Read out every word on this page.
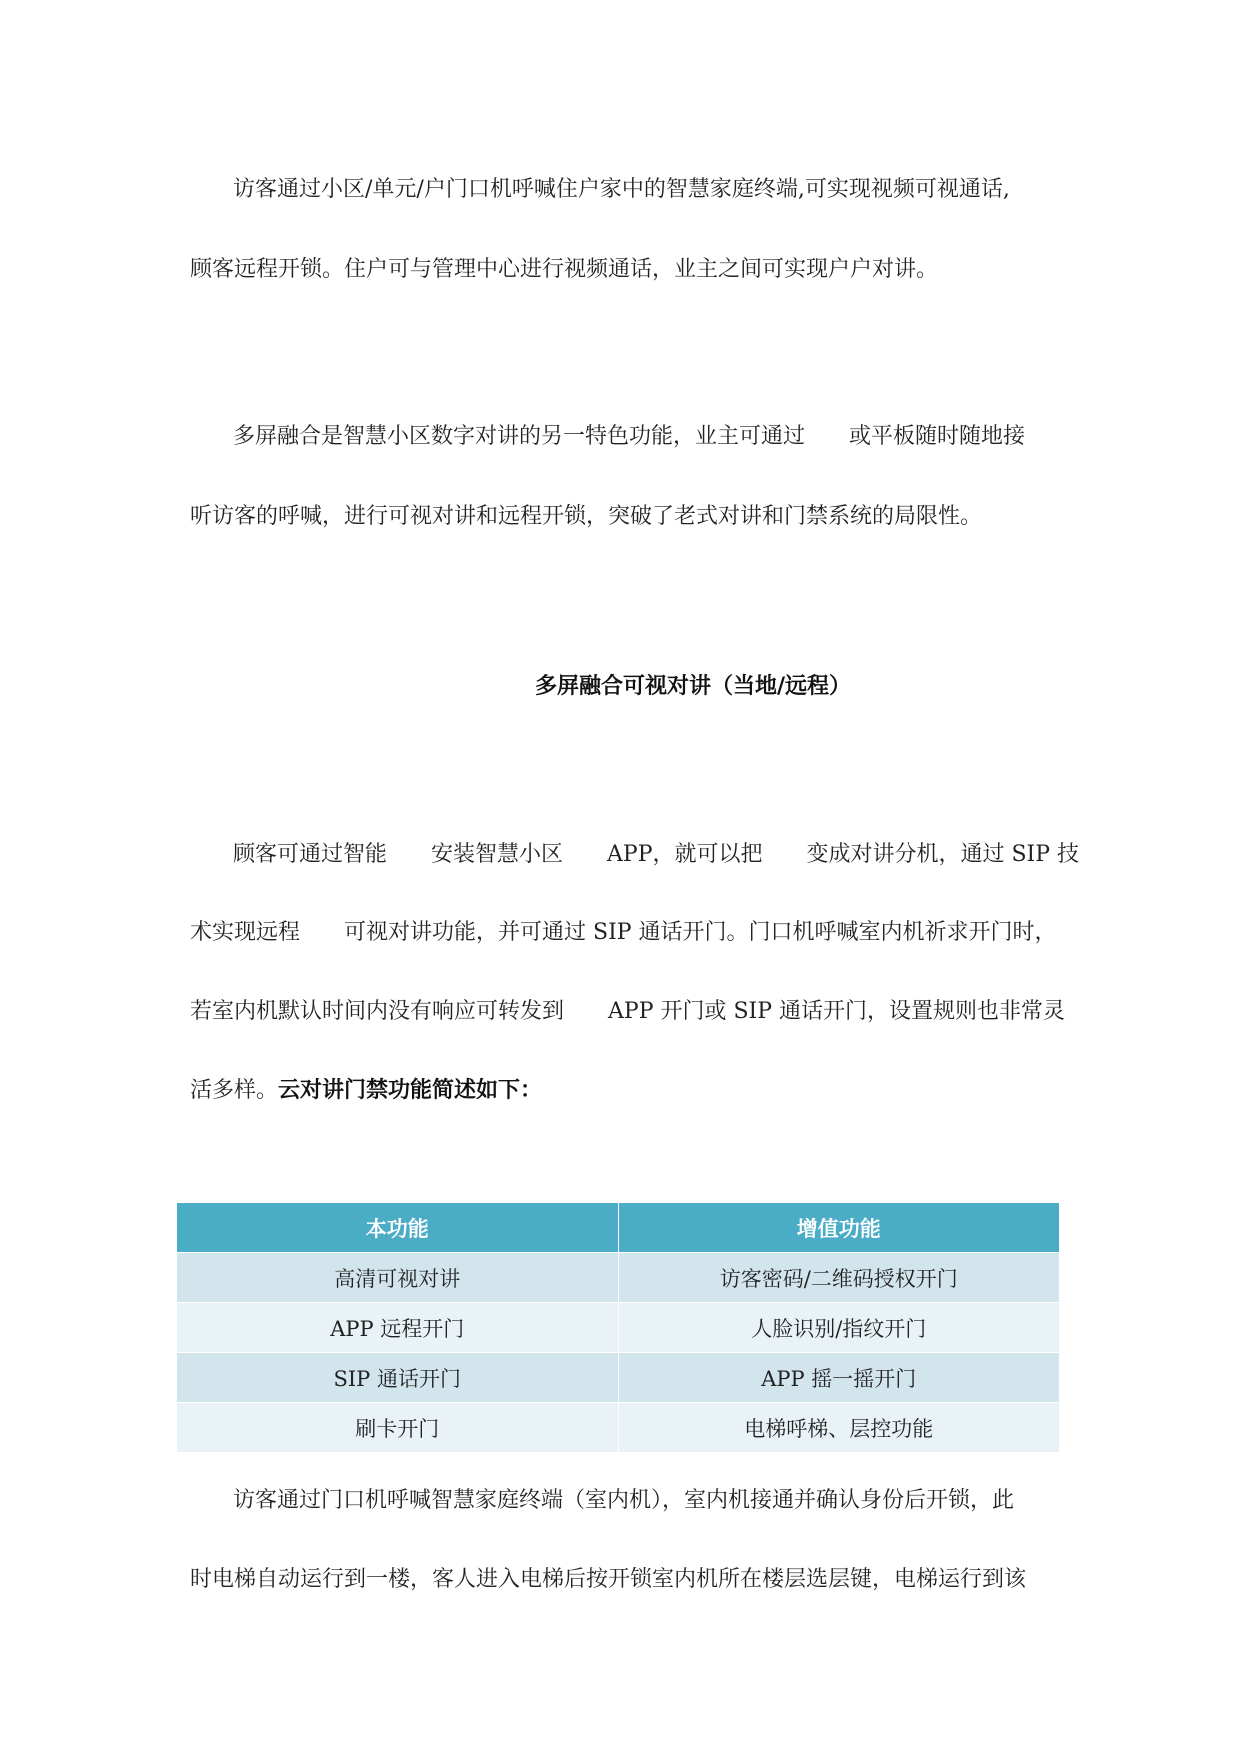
访客通过小区/单元/户门口机呼喊住户家中的智慧家庭终端,可实现视频可视通话,

顾客远程开锁。住户可与管理中心进行视频通话，业主之间可实现户户对讲。

多屏融合是智慧小区数字对讲的另一特色功能，业主可通过　　或平板随时随地接

听访客的呼喊，进行可视对讲和远程开锁，突破了老式对讲和门禁系统的局限性。

多屏融合可视对讲（当地/远程）

顾客可通过智能　　安装智慧小区　　APP，就可以把　　变成对讲分机，通过 SIP 技

术实现远程　　可视对讲功能，并可通过 SIP 通话开门。门口机呼喊室内机祈求开门时，

若室内机默认时间内没有响应可转发到　　APP 开门或 SIP 通话开门，设置规则也非常灵

活多样。云对讲门禁功能简述如下：

本功能	增值功能
高清可视对讲	访客密码/二维码授权开门
APP 远程开门	人脸识别/指纹开门
SIP 通话开门	APP 摇一摇开门
刷卡开门	电梯呼梯、层控功能

访客通过门口机呼喊智慧家庭终端（室内机），室内机接通并确认身份后开锁，此

时电梯自动运行到一楼，客人进入电梯后按开锁室内机所在楼层选层键，电梯运行到该
